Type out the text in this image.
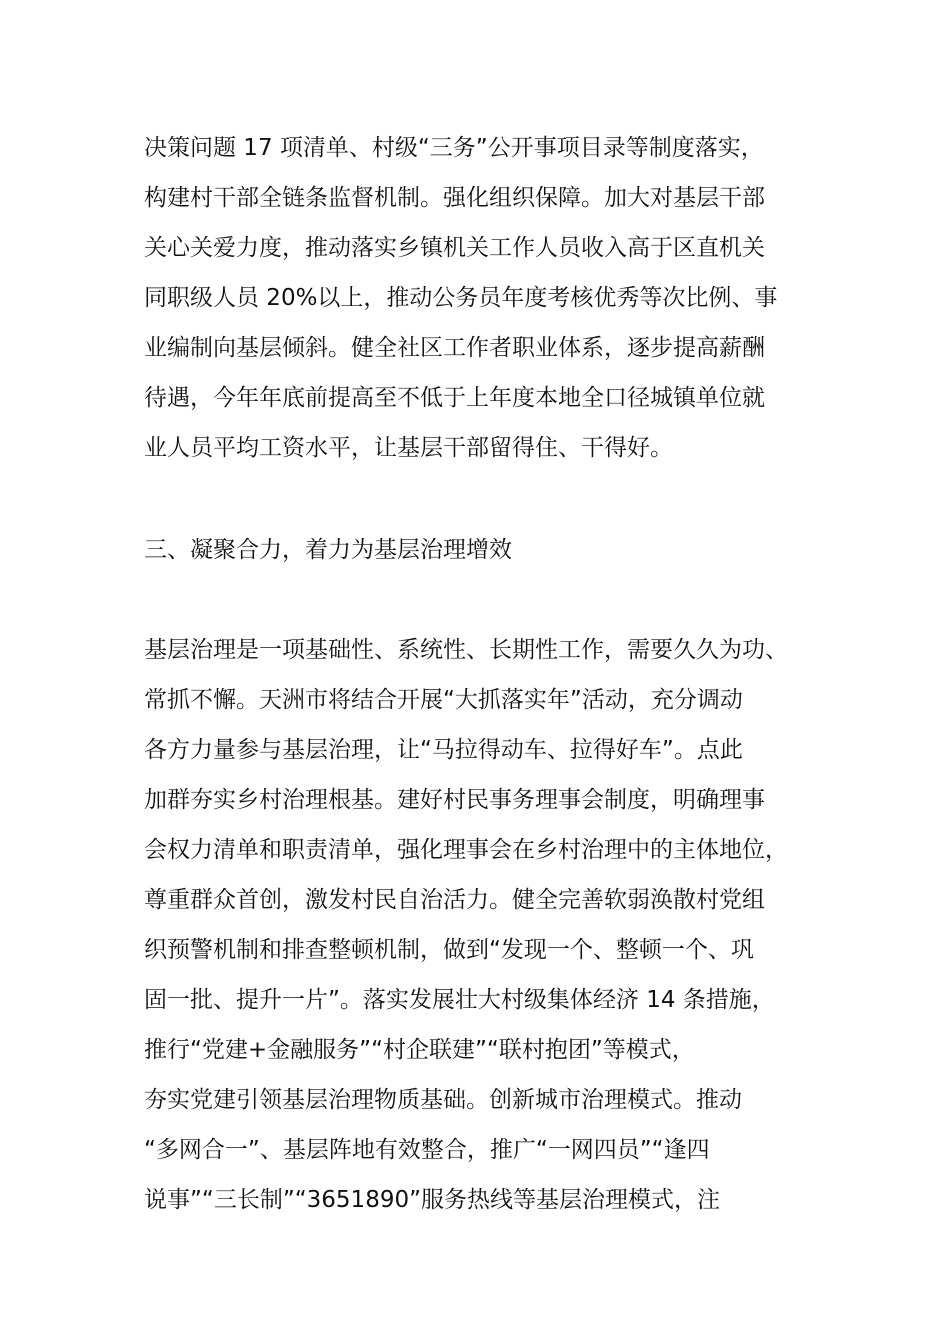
决策问题 17 项清单、村级“三务”公开事项目录等制度落实，
构建村干部全链条监督机制。强化组织保障。加大对基层干部
关心关爱力度，推动落实乡镇机关工作人员收入高于区直机关
同职级人员 20%以上，推动公务员年度考核优秀等次比例、事
业编制向基层倾斜。健全社区工作者职业体系，逐步提高薪酬
待遇，今年年底前提高至不低于上年度本地全口径城镇单位就
业人员平均工资水平，让基层干部留得住、干得好。
三、凝聚合力，着力为基层治理增效
基层治理是一项基础性、系统性、长期性工作，需要久久为功、
常抓不懈。天洲市将结合开展“大抓落实年”活动，充分调动
各方力量参与基层治理，让“马拉得动车、拉得好车”。点此
加群夯实乡村治理根基。建好村民事务理事会制度，明确理事
会权力清单和职责清单，强化理事会在乡村治理中的主体地位，
尊重群众首创，激发村民自治活力。健全完善软弱涣散村党组
织预警机制和排查整顿机制，做到“发现一个、整顿一个、巩
固一批、提升一片”。落实发展壮大村级集体经济 14 条措施，
推行“党建+金融服务”“村企联建”“联村抱团”等模式，
夯实党建引领基层治理物质基础。创新城市治理模式。推动
“多网合一”、基层阵地有效整合，推广“一网四员”“逢四
说事”“三长制”“3651890”服务热线等基层治理模式，注
